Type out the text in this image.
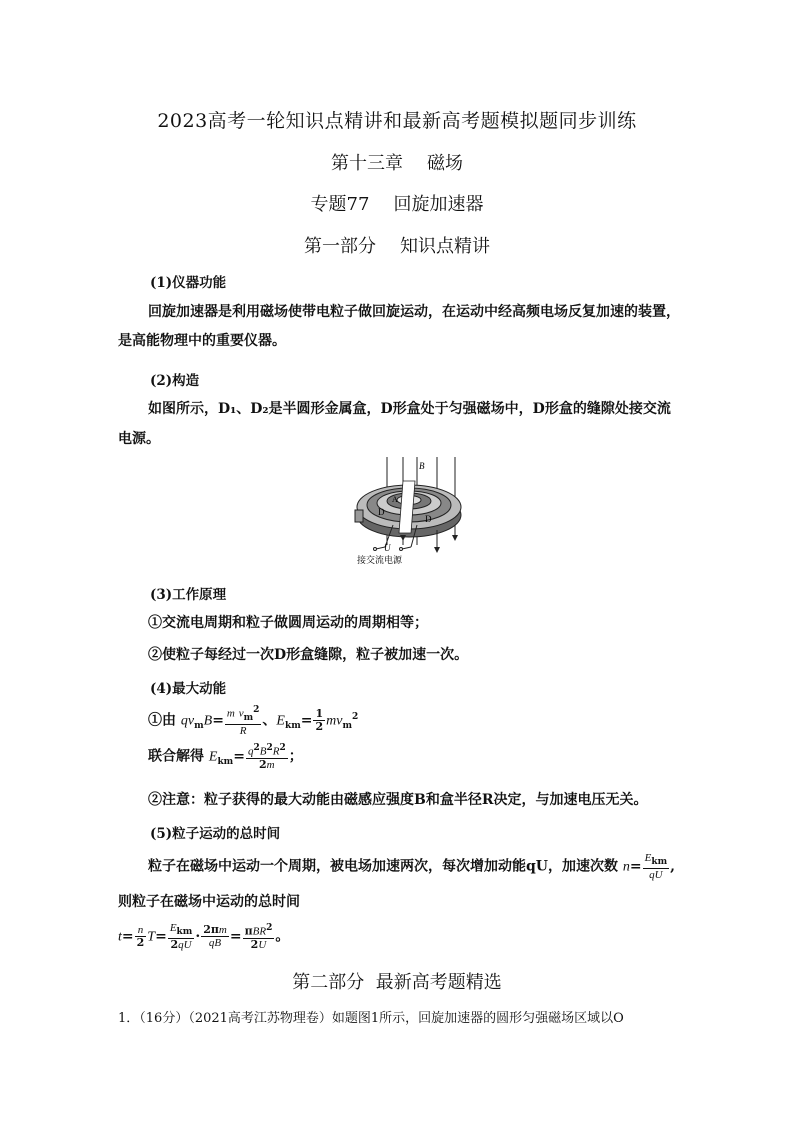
2023高考一轮知识点精讲和最新高考题模拟题同步训练
第十三章 磁场
专题77 回旋加速器
第一部分 知识点精讲
(1)仪器功能
回旋加速器是利用磁场使带电粒子做回旋运动，在运动中经高频电场反复加速的装置，
是高能物理中的重要仪器。
(2)构造
如图所示，D₁、D₂是半圆形金属盒，D形盒处于匀强磁场中，D形盒的缝隙处接交流
电源。
B
A
D
D
U
接交流电源
(3)工作原理
①交流电周期和粒子做圆周运动的周期相等；
②使粒子每经过一次D形盒缝隙，粒子被加速一次。
(4)最大动能
①由 $qv_mB= \frac{m v_m^2}{R}$ 、$E_{km}= \frac{1}{2} mv_m^2$
联合解得 $E_{km}= \frac{q^2B^2R^2}{2m}$ ；
②注意：粒子获得的最大动能由磁感应强度B和盒半径R决定，与加速电压无关。
(5)粒子运动的总时间
粒子在磁场中运动一个周期，被电场加速两次，每次增加动能qU，加速次数 $n= \frac{E_{km}}{qU}$ ,
则粒子在磁场中运动的总时间
$t= \frac{n}{2} T= \frac{E_{km}}{2qU} \cdot \frac{2\pi m}{qB} = \frac{\pi BR^2}{2U}$ 。
第二部分 最新高考题精选
1．（16分）（2021高考江苏物理卷）如题图1所示，回旋加速器的圆形匀强磁场区域以O
